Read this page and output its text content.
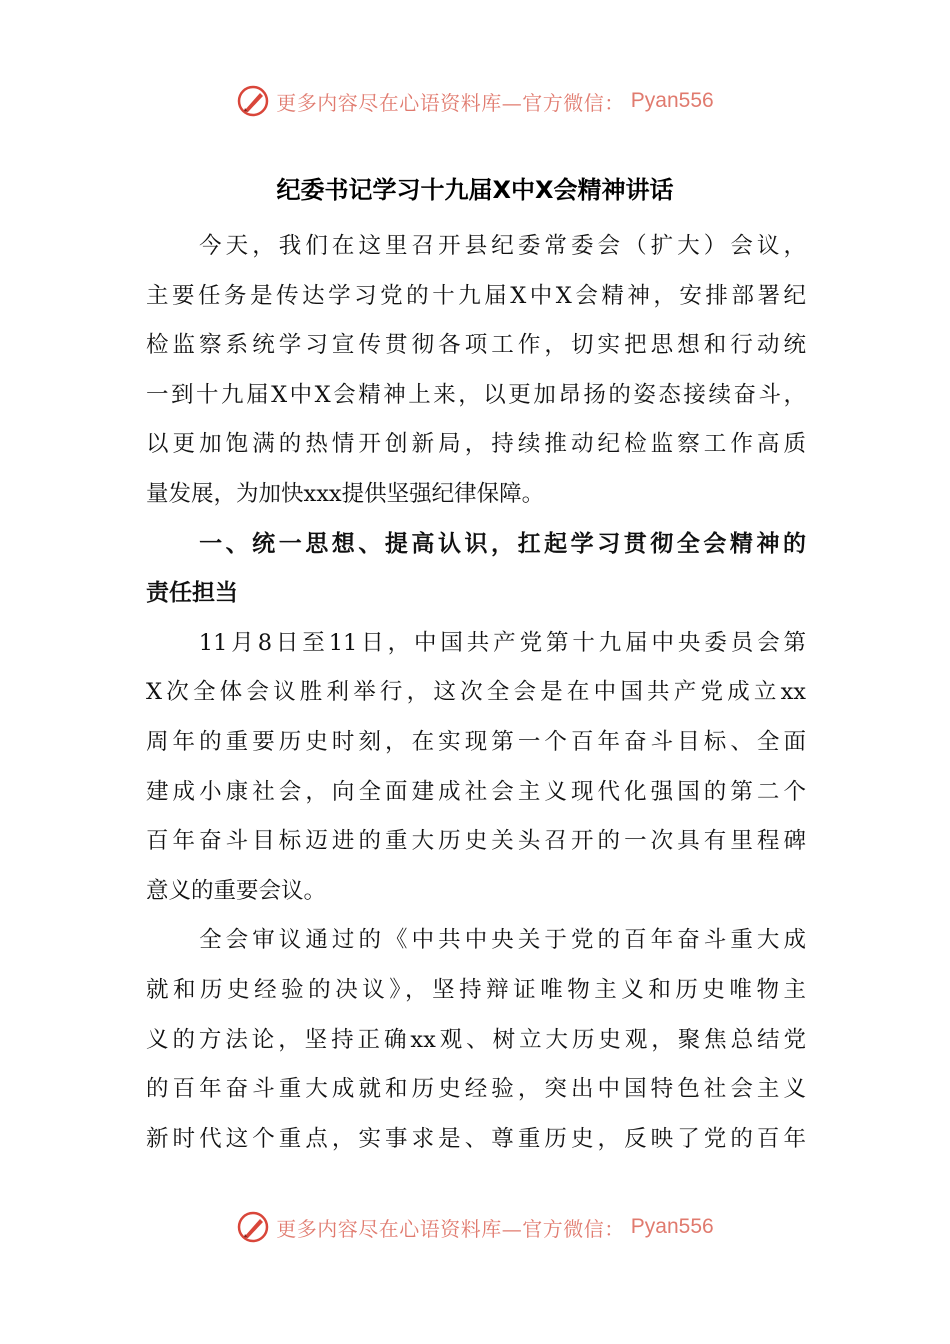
更多内容尽在心语资料库—官方微信： Pyan556
纪委书记学习十九届X中X会精神讲话
　　今天，我们在这里召开县纪委常委会（扩大）会议，
主要任务是传达学习党的十九届X中X会精神，安排部署纪
检监察系统学习宣传贯彻各项工作，切实把思想和行动统
一到十九届X中X会精神上来，以更加昂扬的姿态接续奋斗，
以更加饱满的热情开创新局，持续推动纪检监察工作高质
量发展，为加快xxx提供坚强纪律保障。
　　一、统一思想、提高认识，扛起学习贯彻全会精神的
责任担当
　　11月8日至11日，中国共产党第十九届中央委员会第
X次全体会议胜利举行，这次全会是在中国共产党成立xx
周年的重要历史时刻，在实现第一个百年奋斗目标、全面
建成小康社会，向全面建成社会主义现代化强国的第二个
百年奋斗目标迈进的重大历史关头召开的一次具有里程碑
意义的重要会议。
　　全会审议通过的《中共中央关于党的百年奋斗重大成
就和历史经验的决议》，坚持辩证唯物主义和历史唯物主
义的方法论，坚持正确xx观、树立大历史观，聚焦总结党
的百年奋斗重大成就和历史经验，突出中国特色社会主义
新时代这个重点，实事求是、尊重历史，反映了党的百年
更多内容尽在心语资料库—官方微信： Pyan556
